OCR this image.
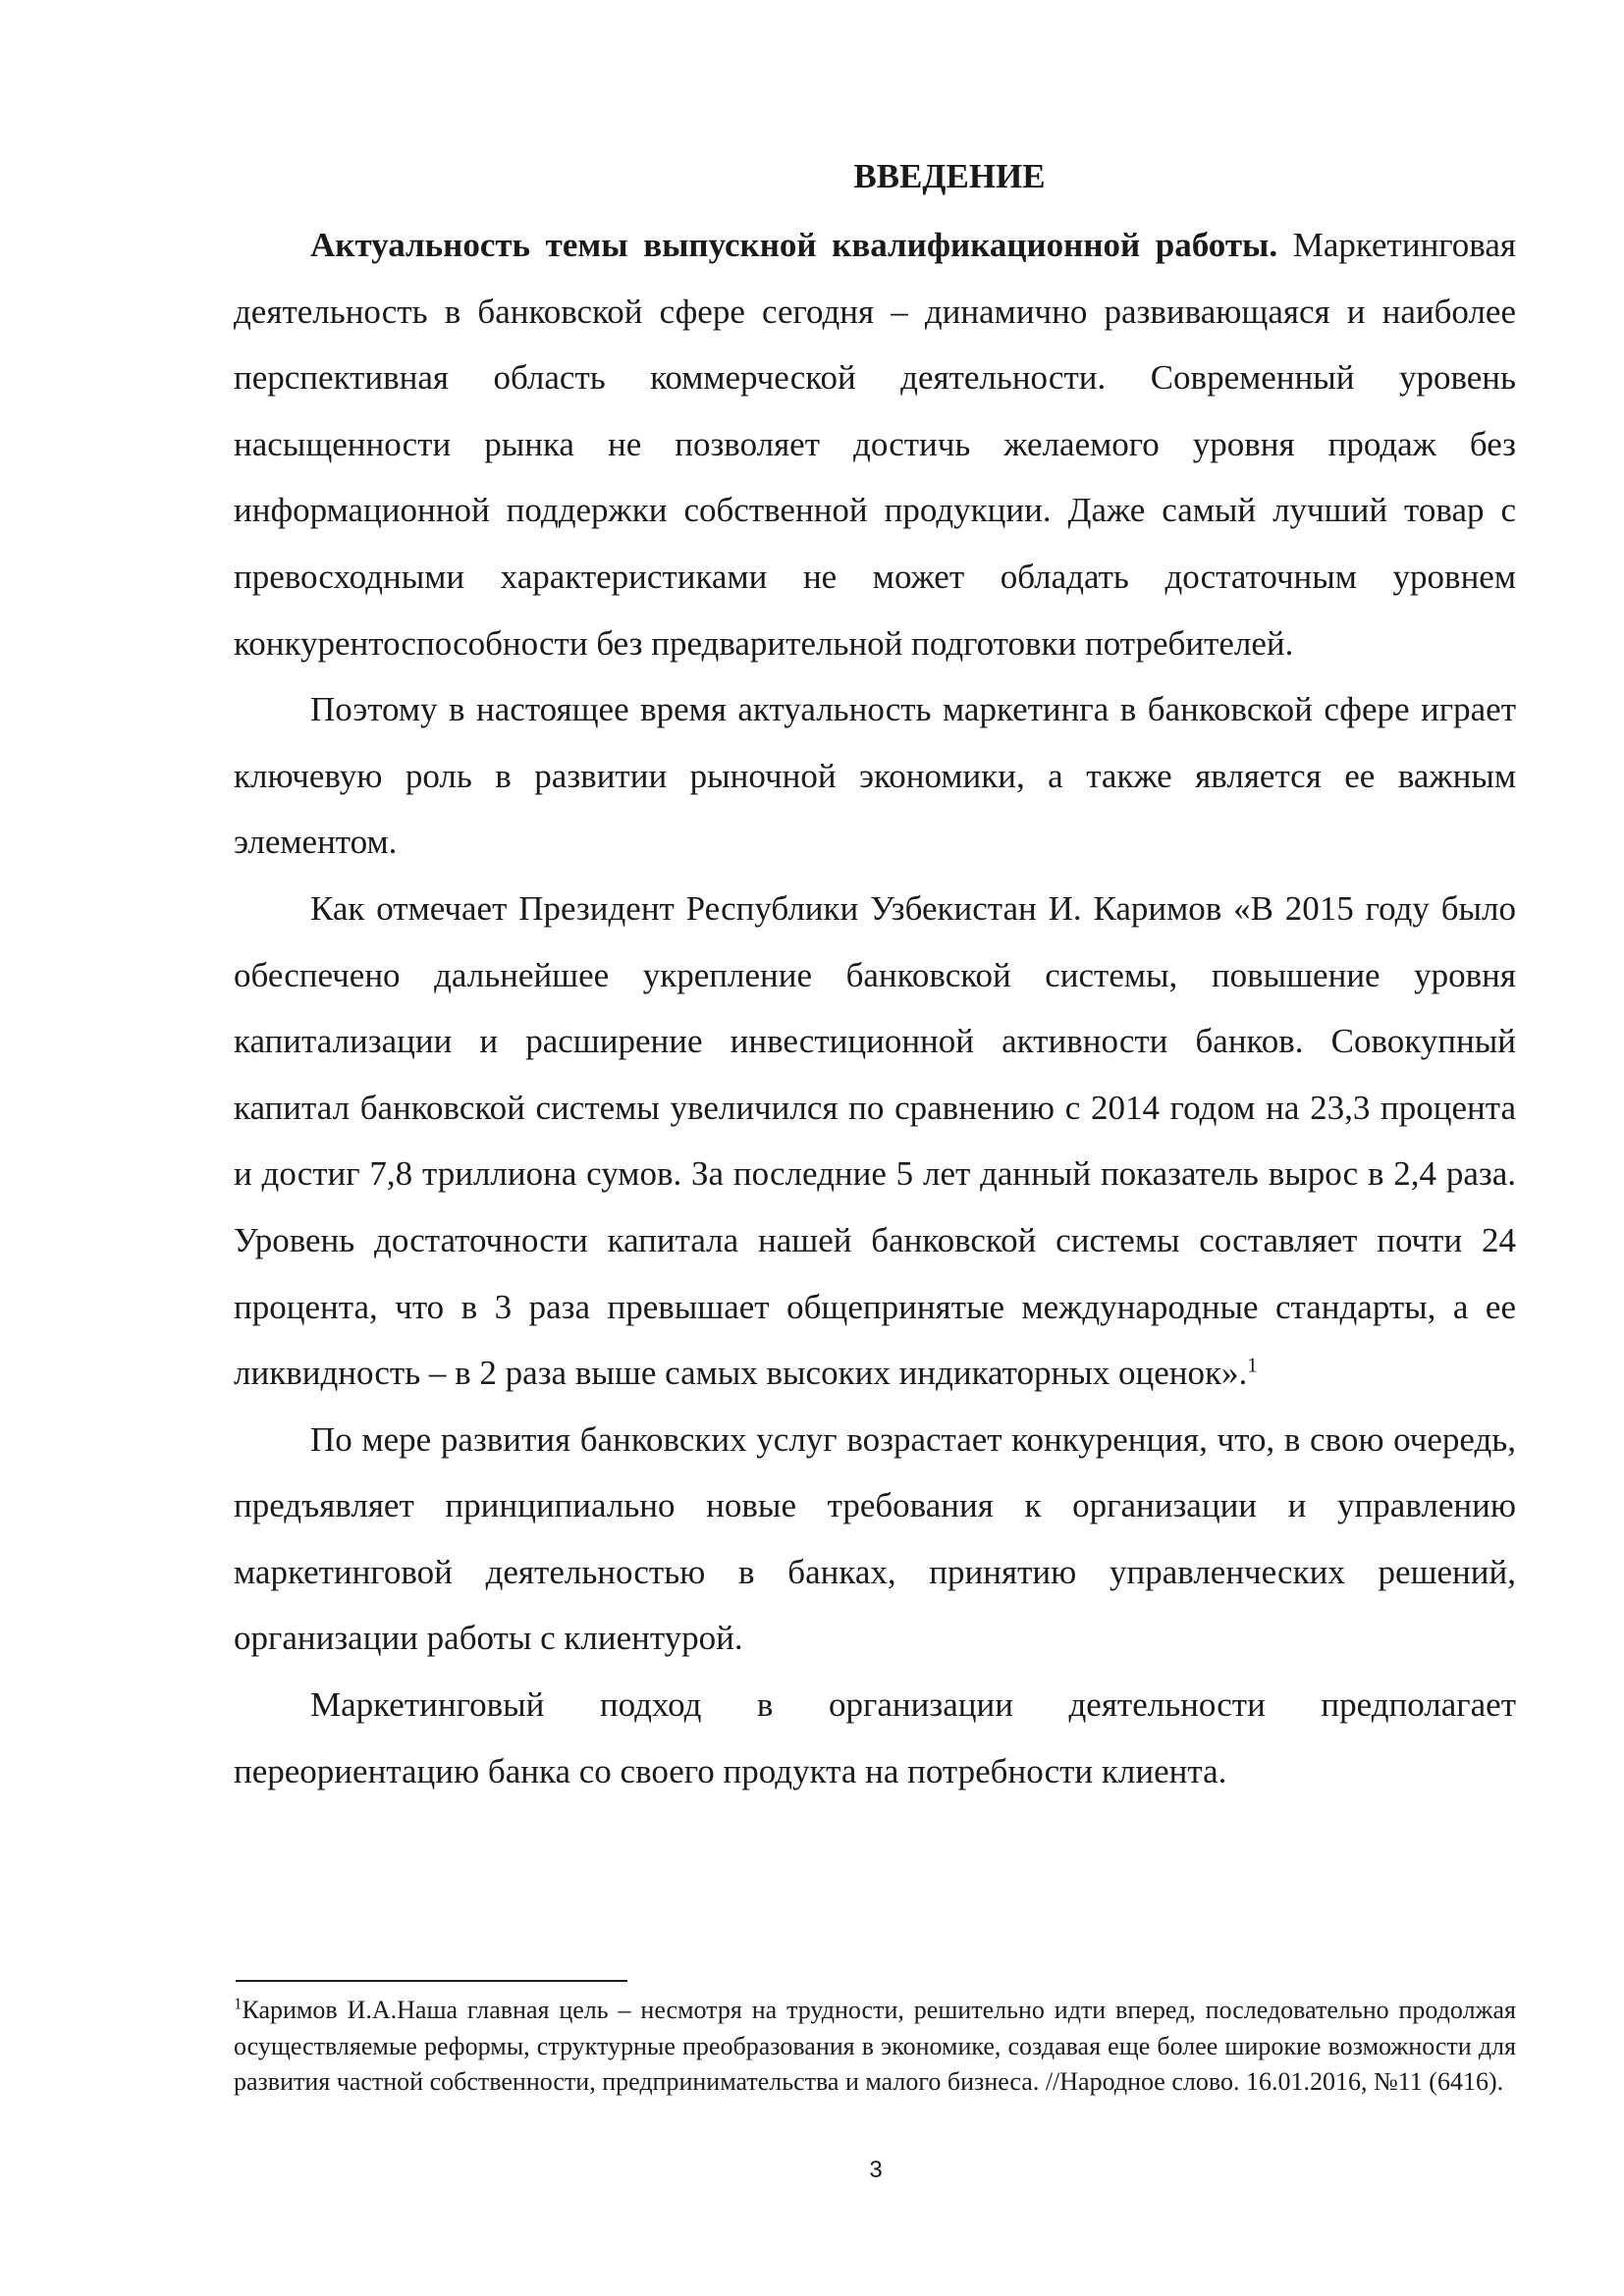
ВВЕДЕНИЕ

Актуальность темы выпускной квалификационной работы. Маркетинговая деятельность в банковской сфере сегодня – динамично развивающаяся и наиболее перспективная область коммерческой деятельности. Современный уровень насыщенности рынка не позволяет достичь желаемого уровня продаж без информационной поддержки собственной продукции. Даже самый лучший товар с превосходными характеристиками не может обладать достаточным уровнем конкурентоспособности без предварительной подготовки потребителей.

Поэтому в настоящее время актуальность маркетинга в банковской сфере играет ключевую роль в развитии рыночной экономики, а также является ее важным элементом.

Как отмечает Президент Республики Узбекистан И. Каримов «В 2015 году было обеспечено дальнейшее укрепление банковской системы, повышение уровня капитализации и расширение инвестиционной активности банков. Совокупный капитал банковской системы увеличился по сравнению с 2014 годом на 23,3 процента и достиг 7,8 триллиона сумов. За последние 5 лет данный показатель вырос в 2,4 раза. Уровень достаточности капитала нашей банковской системы составляет почти 24 процента, что в 3 раза превышает общепринятые международные стандарты, а ее ликвидность – в 2 раза выше самых высоких индикаторных оценок».$^1$

По мере развития банковских услуг возрастает конкуренция, что, в свою очередь, предъявляет принципиально новые требования к организации и управлению маркетинговой деятельностью в банках, принятию управленческих решений, организации работы с клиентурой.

Маркетинговый подход в организации деятельности предполагает переориентацию банка со своего продукта на потребности клиента.

$^1$Каримов И.А.Наша главная цель – несмотря на трудности, решительно идти вперед, последовательно продолжая осуществляемые реформы, структурные преобразования в экономике, создавая еще более широкие возможности для развития частной собственности, предпринимательства и малого бизнеса. //Народное слово. 16.01.2016, №11 (6416).

3
